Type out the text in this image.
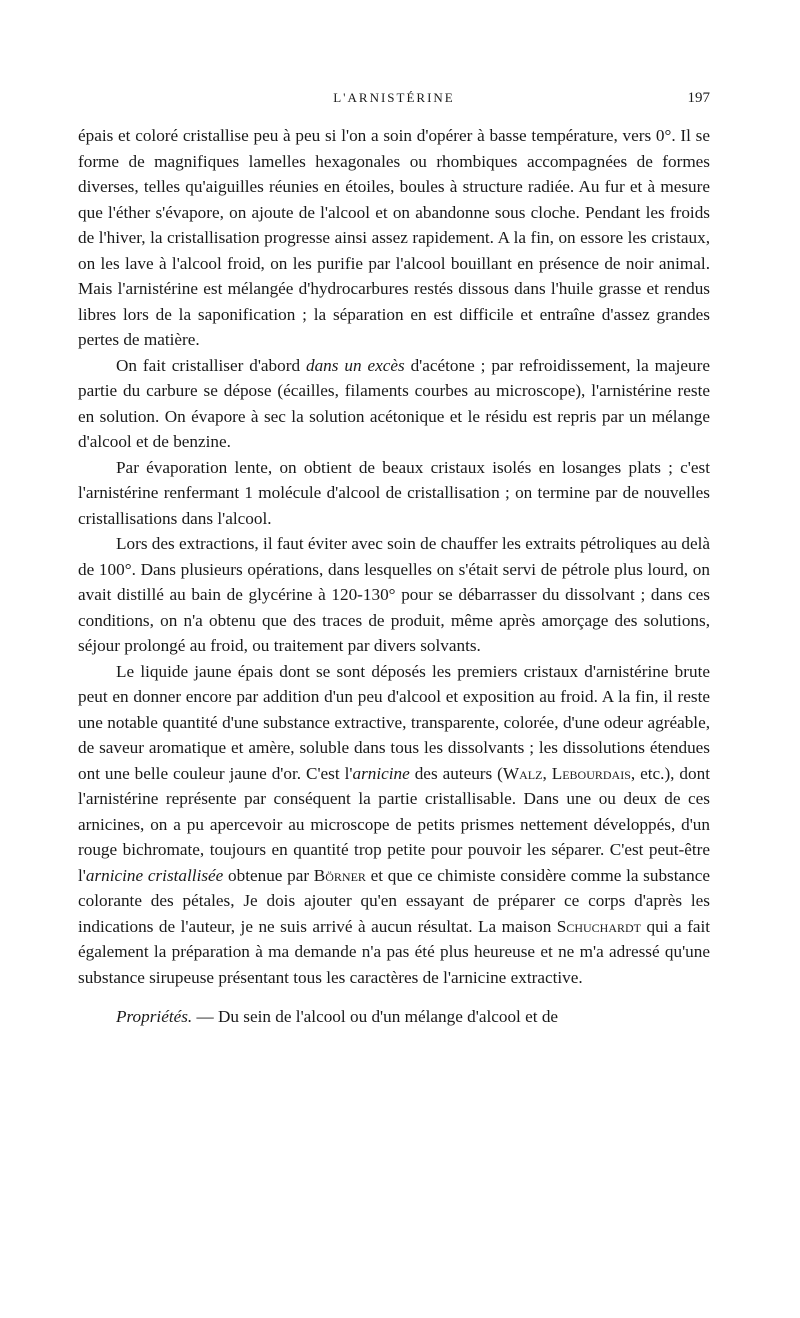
L'ARNISTÉRINE	197

épais et coloré cristallise peu à peu si l'on a soin d'opérer à basse température, vers 0°. Il se forme de magnifiques lamelles hexagonales ou rhombiques accompagnées de formes diverses, telles qu'aiguilles réunies en étoiles, boules à structure radiée. Au fur et à mesure que l'éther s'évapore, on ajoute de l'alcool et on abandonne sous cloche. Pendant les froids de l'hiver, la cristallisation progresse ainsi assez rapidement. A la fin, on essore les cristaux, on les lave à l'alcool froid, on les purifie par l'alcool bouillant en présence de noir animal. Mais l'arnistérine est mélangée d'hydrocarbures restés dissous dans l'huile grasse et rendus libres lors de la saponification ; la séparation en est difficile et entraîne d'assez grandes pertes de matière.

On fait cristalliser d'abord dans un excès d'acétone ; par refroidissement, la majeure partie du carbure se dépose (écailles, filaments courbes au microscope), l'arnistérine reste en solution. On évapore à sec la solution acétonique et le résidu est repris par un mélange d'alcool et de benzine.

Par évaporation lente, on obtient de beaux cristaux isolés en losanges plats ; c'est l'arnistérine renfermant 1 molécule d'alcool de cristallisation ; on termine par de nouvelles cristallisations dans l'alcool.

Lors des extractions, il faut éviter avec soin de chauffer les extraits pétroliques au delà de 100°. Dans plusieurs opérations, dans lesquelles on s'était servi de pétrole plus lourd, on avait distillé au bain de glycérine à 120-130° pour se débarrasser du dissolvant ; dans ces conditions, on n'a obtenu que des traces de produit, même après amorçage des solutions, séjour prolongé au froid, ou traitement par divers solvants.

Le liquide jaune épais dont se sont déposés les premiers cristaux d'arnistérine brute peut en donner encore par addition d'un peu d'alcool et exposition au froid. A la fin, il reste une notable quantité d'une substance extractive, transparente, colorée, d'une odeur agréable, de saveur aromatique et amère, soluble dans tous les dissolvants ; les dissolutions étendues ont une belle couleur jaune d'or. C'est l'arnicine des auteurs (Walz, Lebourdais, etc.), dont l'arnistérine représente par conséquent la partie cristallisable. Dans une ou deux de ces arnicines, on a pu apercevoir au microscope de petits prismes nettement développés, d'un rouge bichromate, toujours en quantité trop petite pour pouvoir les séparer. C'est peut-être l'arnicine cristallisée obtenue par Börner et que ce chimiste considère comme la substance colorante des pétales, Je dois ajouter qu'en essayant de préparer ce corps d'après les indications de l'auteur, je ne suis arrivé à aucun résultat. La maison Schuchardt qui a fait également la préparation à ma demande n'a pas été plus heureuse et ne m'a adressé qu'une substance sirupeuse présentant tous les caractères de l'arnicine extractive.

Propriétés. — Du sein de l'alcool ou d'un mélange d'alcool et de
